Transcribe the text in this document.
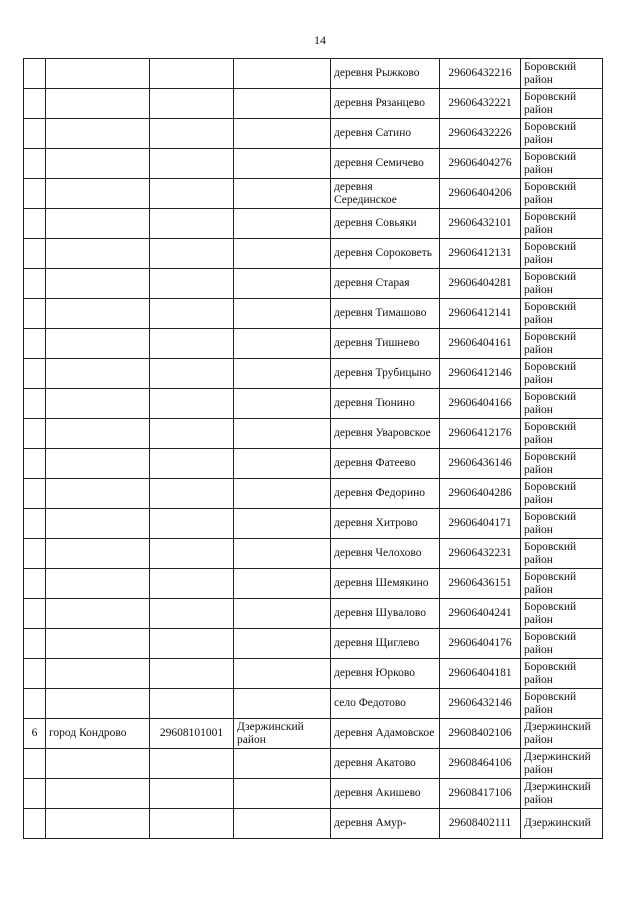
14
				деревня Рыжково	29606432216	Боровский район
				деревня Рязанцево	29606432221	Боровский район
				деревня Сатино	29606432226	Боровский район
				деревня Семичево	29606404276	Боровский район
				деревня Серединское	29606404206	Боровский район
				деревня Совьяки	29606432101	Боровский район
				деревня Сороковеть	29606412131	Боровский район
				деревня Старая	29606404281	Боровский район
				деревня Тимашово	29606412141	Боровский район
				деревня Тишнево	29606404161	Боровский район
				деревня Трубицыно	29606412146	Боровский район
				деревня Тюнино	29606404166	Боровский район
				деревня Уваровское	29606412176	Боровский район
				деревня Фатеево	29606436146	Боровский район
				деревня Федорино	29606404286	Боровский район
				деревня Хитрово	29606404171	Боровский район
				деревня Челохово	29606432231	Боровский район
				деревня Шемякино	29606436151	Боровский район
				деревня Шувалово	29606404241	Боровский район
				деревня Щиглево	29606404176	Боровский район
				деревня Юрково	29606404181	Боровский район
				село Федотово	29606432146	Боровский район
6	город Кондрово	29608101001	Дзержинский район	деревня Адамовское	29608402106	Дзержинский район
				деревня Акатово	29608464106	Дзержинский район
				деревня Акишево	29608417106	Дзержинский район
				деревня Амур-	29608402111	Дзержинский
